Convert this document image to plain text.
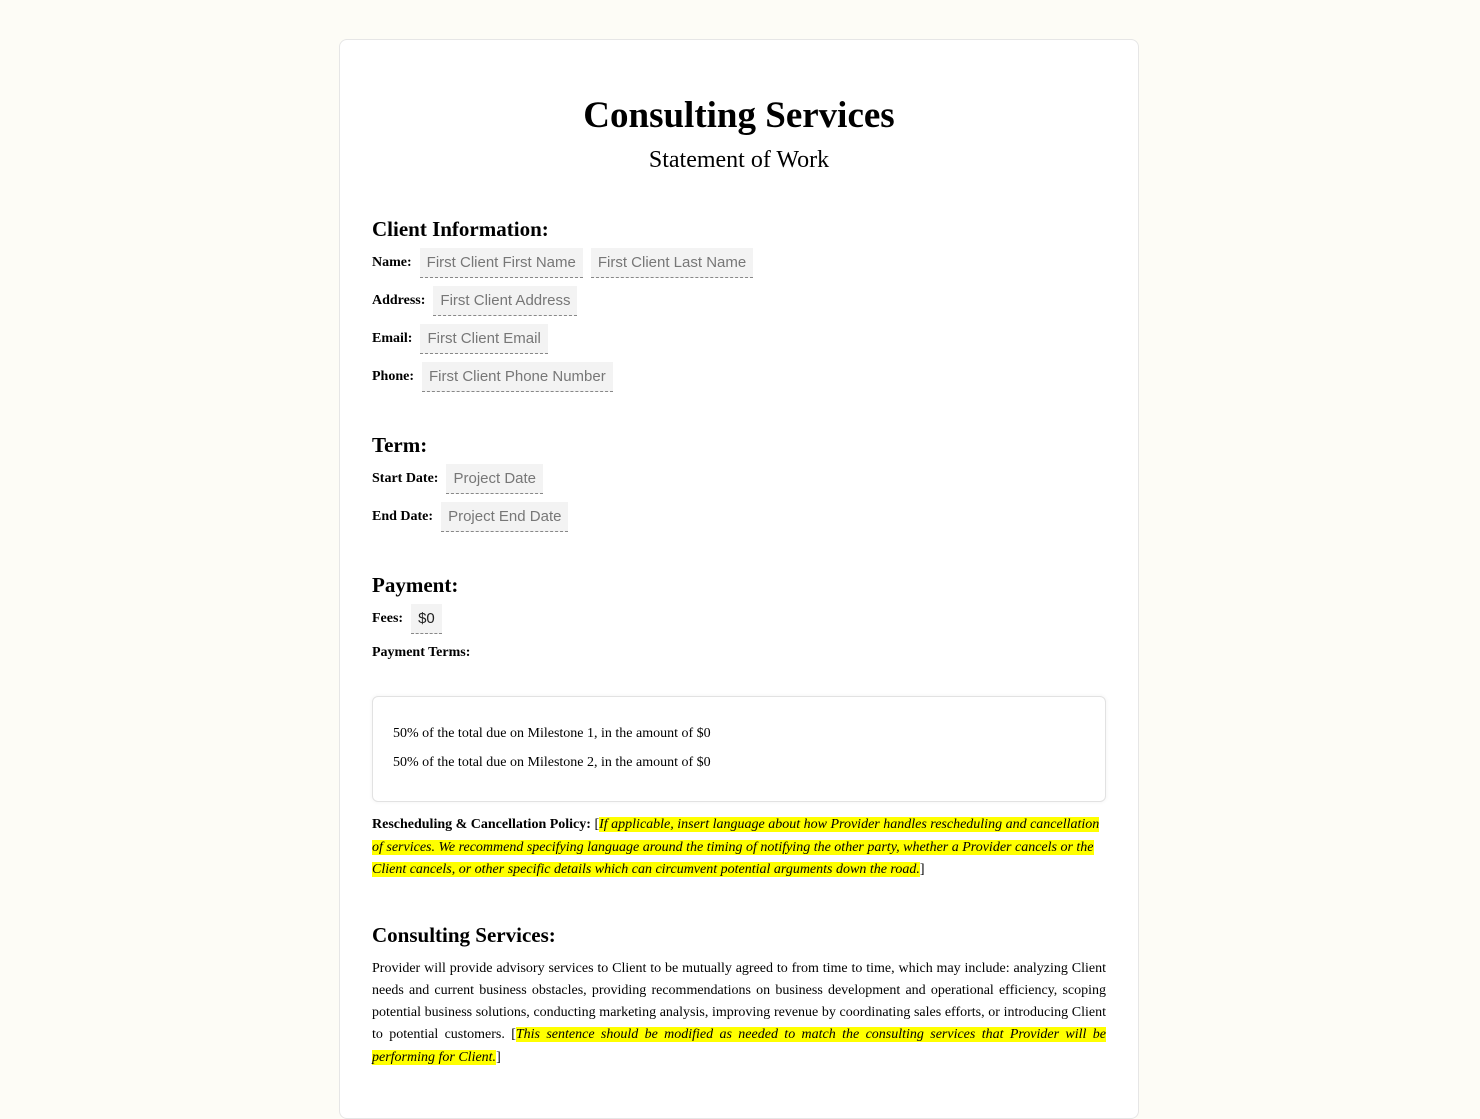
Consulting Services
Statement of Work
Client Information:
Name:	First Client First Name	First Client Last Name
Address:	First Client Address
Email:	First Client Email
Phone:	First Client Phone Number
Term:
Start Date:	Project Date
End Date:	Project End Date
Payment:
Fees:	$0
Payment Terms:
50% of the total due on Milestone 1, in the amount of $0
50% of the total due on Milestone 2, in the amount of $0
Rescheduling & Cancellation Policy: [If applicable, insert language about how Provider handles rescheduling and cancellation of services. We recommend specifying language around the timing of notifying the other party, whether a Provider cancels or the Client cancels, or other specific details which can circumvent potential arguments down the road.]
Consulting Services:
Provider will provide advisory services to Client to be mutually agreed to from time to time, which may include: analyzing Client needs and current business obstacles, providing recommendations on business development and operational efficiency, scoping potential business solutions, conducting marketing analysis, improving revenue by coordinating sales efforts, or introducing Client to potential customers. [This sentence should be modified as needed to match the consulting services that Provider will be performing for Client.]
